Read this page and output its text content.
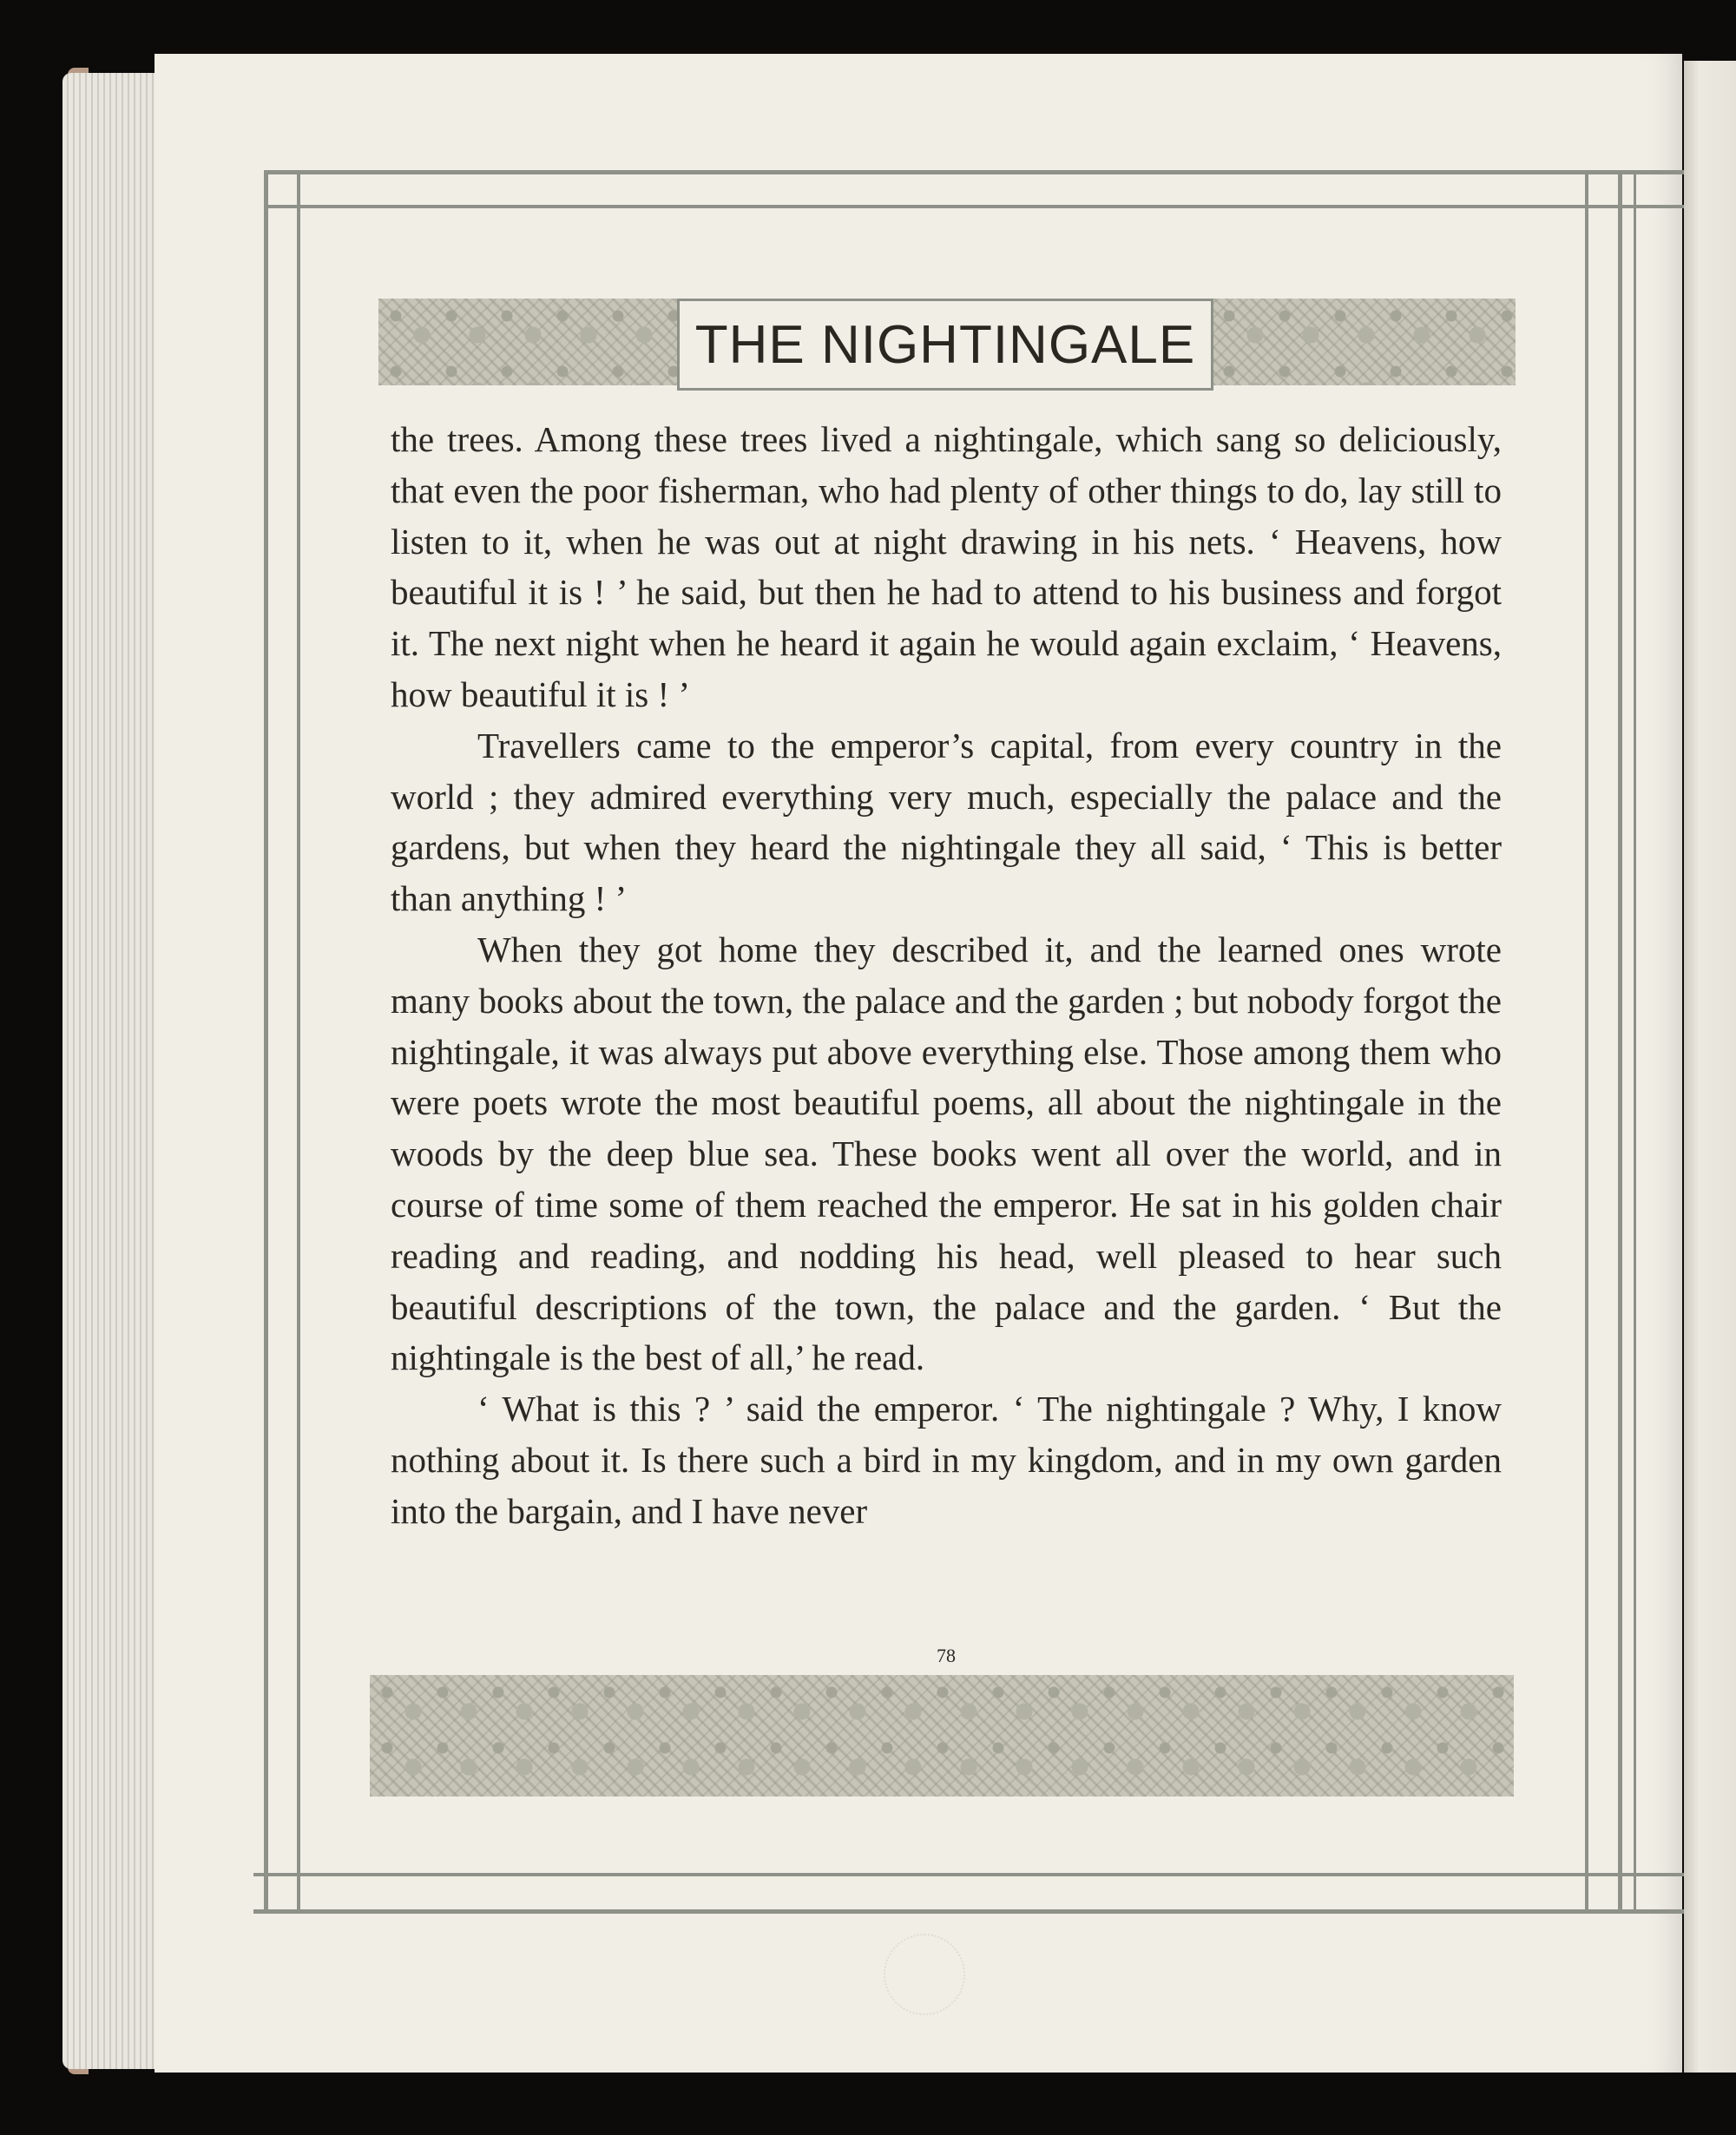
THE NIGHTINGALE

the trees. Among these trees lived a nightingale, which sang so deliciously, that even the poor fisherman, who had plenty of other things to do, lay still to listen to it, when he was out at night drawing in his nets. ‘ Heavens, how beautiful it is ! ’ he said, but then he had to attend to his business and forgot it. The next night when he heard it again he would again exclaim, ‘ Heavens, how beautiful it is ! ’

Travellers came to the emperor’s capital, from every country in the world ; they admired everything very much, especially the palace and the gardens, but when they heard the nightingale they all said, ‘ This is better than anything ! ’

When they got home they described it, and the learned ones wrote many books about the town, the palace and the garden ; but nobody forgot the nightingale, it was always put above everything else. Those among them who were poets wrote the most beautiful poems, all about the nightingale in the woods by the deep blue sea. These books went all over the world, and in course of time some of them reached the emperor. He sat in his golden chair reading and reading, and nodding his head, well pleased to hear such beautiful descriptions of the town, the palace and the garden. ‘ But the nightingale is the best of all,’ he read.

‘ What is this ? ’ said the emperor. ‘ The nightingale ? Why, I know nothing about it. Is there such a bird in my kingdom, and in my own garden into the bargain, and I have never

78
